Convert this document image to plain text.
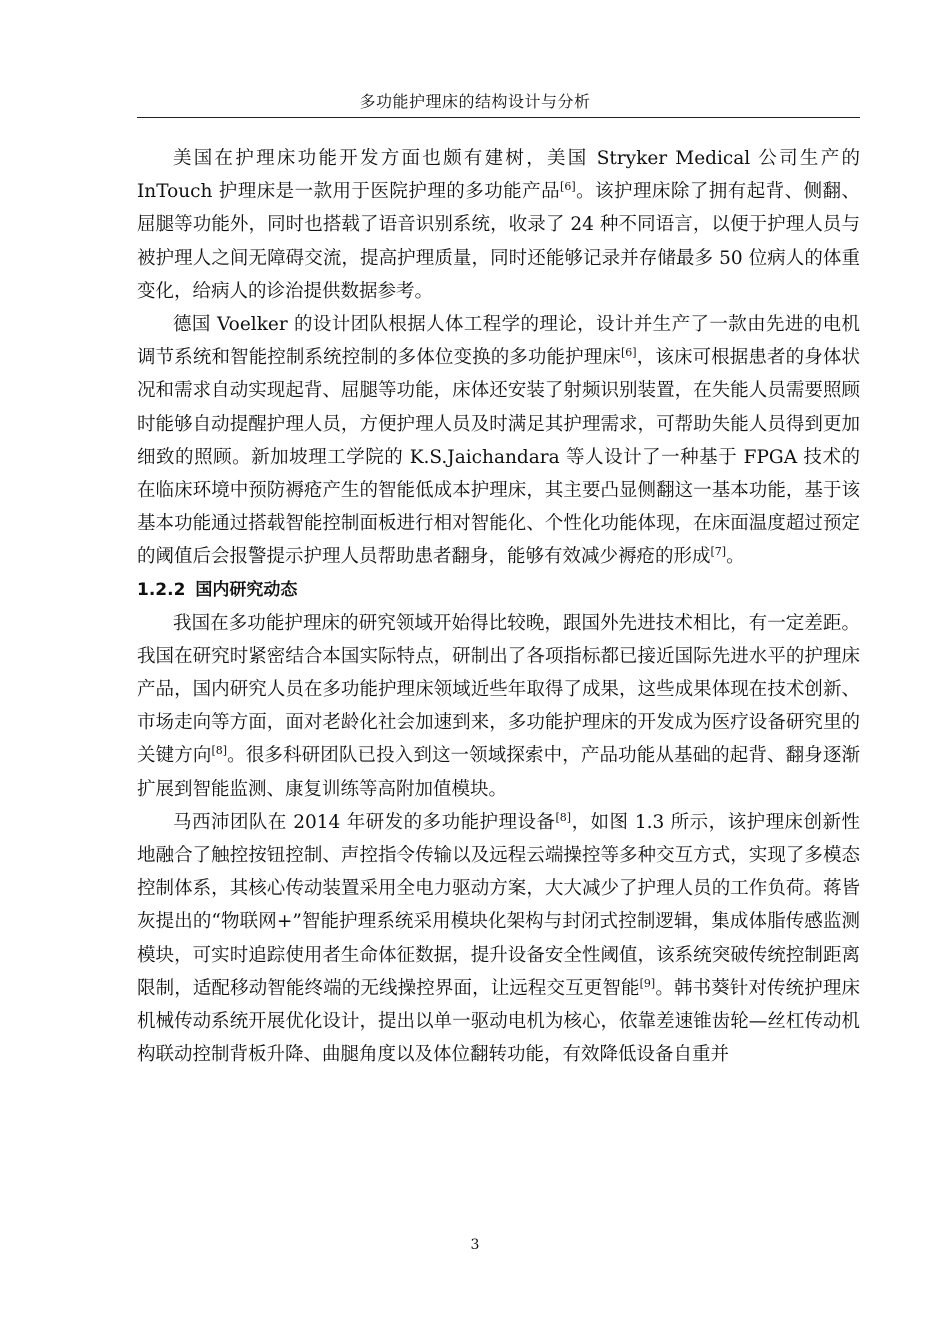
多功能护理床的结构设计与分析

美国在护理床功能开发方面也颇有建树，美国 Stryker Medical 公司生产的 InTouch 护理床是一款用于医院护理的多功能产品[6]。该护理床除了拥有起背、侧翻、屈腿等功能外，同时也搭载了语音识别系统，收录了 24 种不同语言，以便于护理人员与被护理人之间无障碍交流，提高护理质量，同时还能够记录并存储最多 50 位病人的体重变化，给病人的诊治提供数据参考。

德国 Voelker 的设计团队根据人体工程学的理论，设计并生产了一款由先进的电机调节系统和智能控制系统控制的多体位变换的多功能护理床[6]，该床可根据患者的身体状况和需求自动实现起背、屈腿等功能，床体还安装了射频识别装置，在失能人员需要照顾时能够自动提醒护理人员，方便护理人员及时满足其护理需求，可帮助失能人员得到更加细致的照顾。新加坡理工学院的 K.S.Jaichandara 等人设计了一种基于 FPGA 技术的在临床环境中预防褥疮产生的智能低成本护理床，其主要凸显侧翻这一基本功能，基于该基本功能通过搭载智能控制面板进行相对智能化、个性化功能体现，在床面温度超过预定的阈值后会报警提示护理人员帮助患者翻身，能够有效减少褥疮的形成[7]。

1.2.2 国内研究动态

我国在多功能护理床的研究领域开始得比较晚，跟国外先进技术相比，有一定差距。我国在研究时紧密结合本国实际特点，研制出了各项指标都已接近国际先进水平的护理床产品，国内研究人员在多功能护理床领域近些年取得了成果，这些成果体现在技术创新、市场走向等方面，面对老龄化社会加速到来，多功能护理床的开发成为医疗设备研究里的关键方向[8]。很多科研团队已投入到这一领域探索中，产品功能从基础的起背、翻身逐渐扩展到智能监测、康复训练等高附加值模块。

马西沛团队在 2014 年研发的多功能护理设备[8]，如图 1.3 所示，该护理床创新性地融合了触控按钮控制、声控指令传输以及远程云端操控等多种交互方式，实现了多模态控制体系，其核心传动装置采用全电力驱动方案，大大减少了护理人员的工作负荷。蒋皆灰提出的“物联网+”智能护理系统采用模块化架构与封闭式控制逻辑，集成体脂传感监测模块，可实时追踪使用者生命体征数据，提升设备安全性阈值，该系统突破传统控制距离限制，适配移动智能终端的无线操控界面，让远程交互更智能[9]。韩书葵针对传统护理床机械传动系统开展优化设计，提出以单一驱动电机为核心，依靠差速锥齿轮—丝杠传动机构联动控制背板升降、曲腿角度以及体位翻转功能，有效降低设备自重并

3
